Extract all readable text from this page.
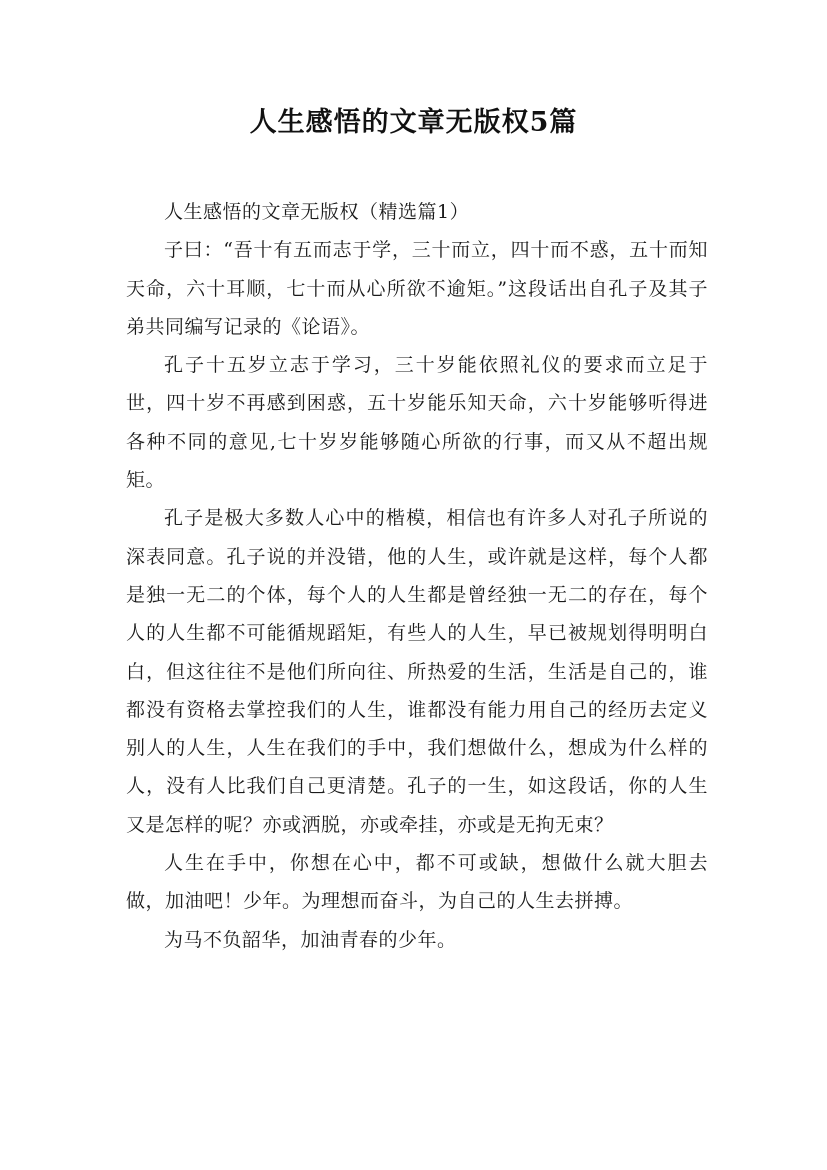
人生感悟的文章无版权5篇

人生感悟的文章无版权（精选篇1）

子曰：“吾十有五而志于学，三十而立，四十而不惑，五十而知天命，六十耳顺，七十而从心所欲不逾矩。”这段话出自孔子及其子弟共同编写记录的《论语》。

孔子十五岁立志于学习，三十岁能依照礼仪的要求而立足于世，四十岁不再感到困惑，五十岁能乐知天命，六十岁能够听得进各种不同的意见,七十岁岁能够随心所欲的行事，而又从不超出规矩。

孔子是极大多数人心中的楷模，相信也有许多人对孔子所说的深表同意。孔子说的并没错，他的人生，或许就是这样，每个人都是独一无二的个体，每个人的人生都是曾经独一无二的存在，每个人的人生都不可能循规蹈矩，有些人的人生，早已被规划得明明白白，但这往往不是他们所向往、所热爱的生活，生活是自己的，谁都没有资格去掌控我们的人生，谁都没有能力用自己的经历去定义别人的人生，人生在我们的手中，我们想做什么，想成为什么样的人，没有人比我们自己更清楚。孔子的一生，如这段话，你的人生又是怎样的呢？亦或洒脱，亦或牵挂，亦或是无拘无束？

人生在手中，你想在心中，都不可或缺，想做什么就大胆去做，加油吧！少年。为理想而奋斗，为自己的人生去拼搏。

为马不负韶华，加油青春的少年。
